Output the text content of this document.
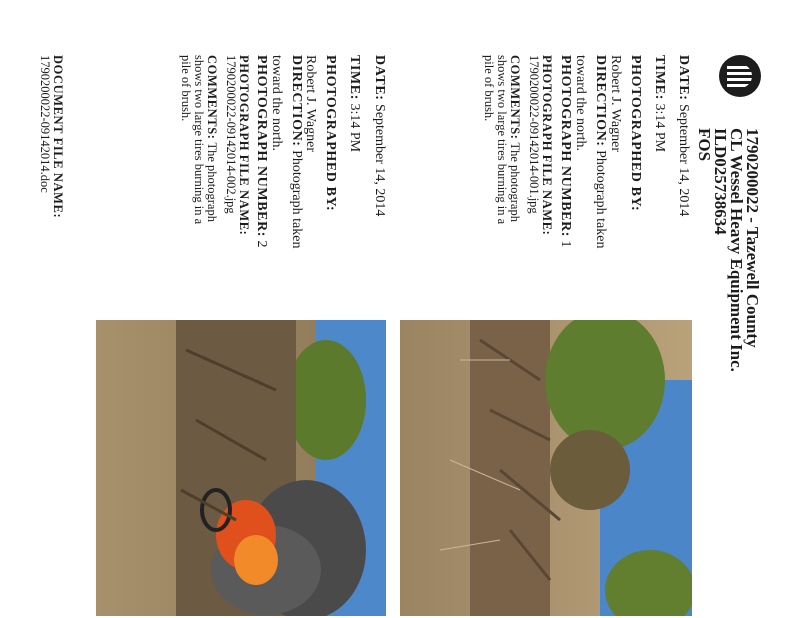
1790200022 - Tazewell County
CL Wessel Heavy Equipment Inc.
ILD025738634
FOS
DATE: September 14, 2014
TIME: 3:14 PM
PHOTOGRAPHED BY:
Robert J. Wagner
DIRECTION: Photograph taken
toward the north.
PHOTOGRAPH NUMBER: 1
PHOTOGRAPH FILE NAME:
1790200022-09142014-001.jpg
COMMENTS: The photograph
shows two large tires burning in a
pile of brush.
DATE: September 14, 2014
TIME: 3:14 PM
PHOTOGRAPHED BY:
Robert J. Wagner
DIRECTION: Photograph taken
toward the north.
PHOTOGRAPH NUMBER: 2
PHOTOGRAPH FILE NAME:
1790200022-09142014-002.jpg
COMMENTS: The photograph
shows two large tires burning in a
pile of brush.
DOCUMENT FILE NAME:
1790200022-09142014.doc
